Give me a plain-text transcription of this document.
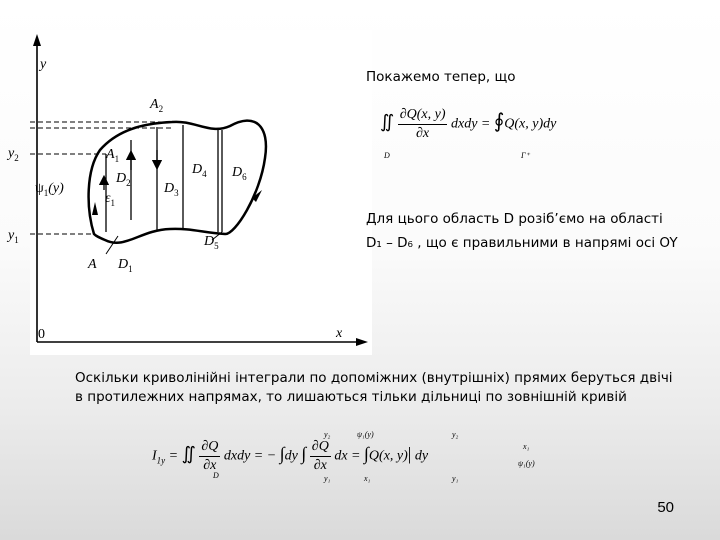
y
x
0
$y_2$
$y_1$
$\psi_1(y)$
$\varepsilon_1$
A
$A_1$
$A_2$
$D_1$
$D_2$ $D_3$
$D_4$
$D_5$
$D_6$
Покажемо тепер, що
∬ $\frac{\partial Q(x, y)}{\partial x}$ dxdy = ∮Q(x, y)dy
D	Г⁺
Для цього область D розіб’ємо на області
D₁ – D₆ , що є правильними в напрямі осі OY
Оскільки криволінійні інтеграли по допоміжних (внутрішніх) прямих беруться двічі в протилежних напрямах, то лишаються тільки дільниці по зовнішній кривій
$I_{1y}$ = ∬ $\frac{\partial Q}{\partial x}$ dxdy = − ∫dy ∫ $\frac{\partial Q}{\partial x}$ dx = ∫Q(x, y)| dy
D
y₂
y₁
ψ₁(y)
x₁
y₂
y₁
x₁
ψ₁(y)
50
